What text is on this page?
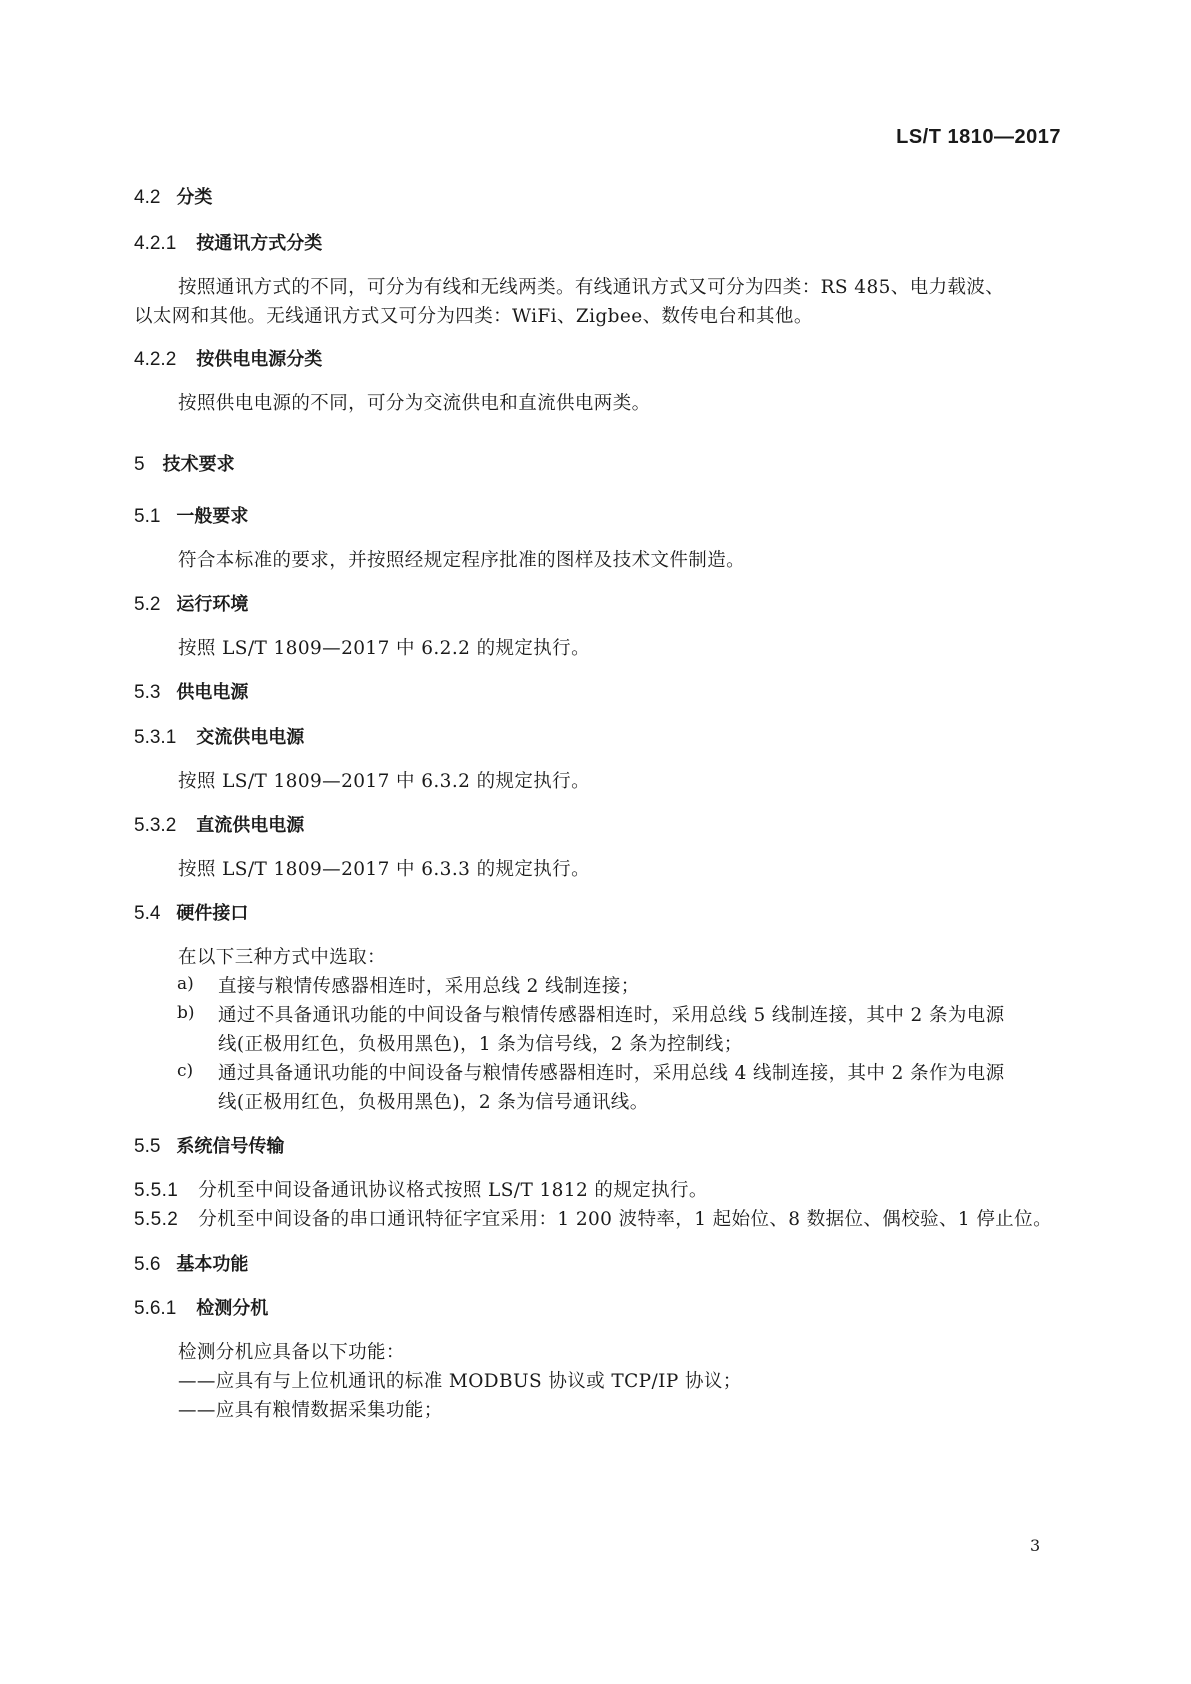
LS/T 1810—2017
4.2 分类
4.2.1 按通讯方式分类
按照通讯方式的不同，可分为有线和无线两类。有线通讯方式又可分为四类：RS 485、电力载波、
以太网和其他。无线通讯方式又可分为四类：WiFi、Zigbee、数传电台和其他。
4.2.2 按供电电源分类
按照供电电源的不同，可分为交流供电和直流供电两类。
5 技术要求
5.1 一般要求
符合本标准的要求，并按照经规定程序批准的图样及技术文件制造。
5.2 运行环境
按照 LS/T 1809—2017 中 6.2.2 的规定执行。
5.3 供电电源
5.3.1 交流供电电源
按照 LS/T 1809—2017 中 6.3.2 的规定执行。
5.3.2 直流供电电源
按照 LS/T 1809—2017 中 6.3.3 的规定执行。
5.4 硬件接口
在以下三种方式中选取：
a) 直接与粮情传感器相连时，采用总线 2 线制连接；
b) 通过不具备通讯功能的中间设备与粮情传感器相连时，采用总线 5 线制连接，其中 2 条为电源
线(正极用红色，负极用黑色)，1 条为信号线，2 条为控制线；
c) 通过具备通讯功能的中间设备与粮情传感器相连时，采用总线 4 线制连接，其中 2 条作为电源
线(正极用红色，负极用黑色)，2 条为信号通讯线。
5.5 系统信号传输
5.5.1 分机至中间设备通讯协议格式按照 LS/T 1812 的规定执行。
5.5.2 分机至中间设备的串口通讯特征字宜采用：1 200 波特率，1 起始位、8 数据位、偶校验、1 停止位。
5.6 基本功能
5.6.1 检测分机
检测分机应具备以下功能：
——应具有与上位机通讯的标准 MODBUS 协议或 TCP/IP 协议；
——应具有粮情数据采集功能；
3
